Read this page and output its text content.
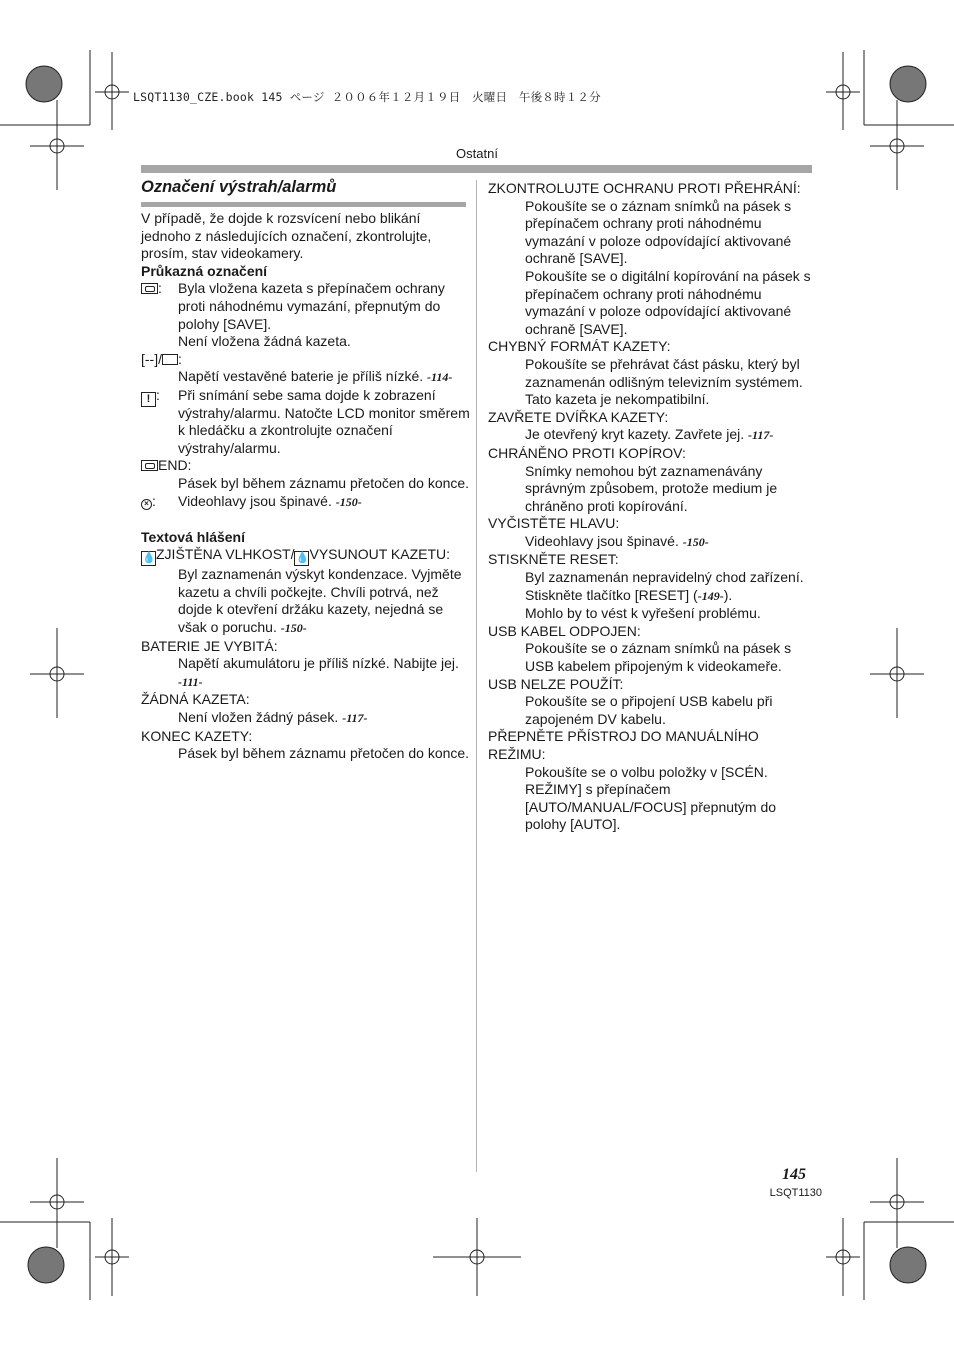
LSQT1130_CZE.book 145 ページ ２００６年１２月１９日　火曜日　午後８時１２分
Ostatní
Označení výstrah/alarmů

V případě, že dojde k rozsvícení nebo blikání jednoho z následujících označení, zkontrolujte, prosím, stav videokamery.

Průkazná označení

: Byla vložena kazeta s přepínačem ochrany proti náhodnému vymazání, přepnutým do polohy [SAVE].

Není vložena žádná kazeta.

[--]/ :

Napětí vestavěné baterie je příliš nízké. -114-

! : Při snímání sebe sama dojde k zobrazení výstrahy/alarmu. Natočte LCD monitor směrem k hledáčku a zkontrolujte označení výstrahy/alarmu.

END:

Pásek byl během záznamu přetočen do konce.

× : Videohlavy jsou špinavé. -150-

Textová hlášení

💧ZJIŠTĚNA VLHKOST/💧VYSUNOUT KAZETU:

Byl zaznamenán výskyt kondenzace. Vyjměte kazetu a chvíli počkejte. Chvíli potrvá, než dojde k otevření držáku kazety, nejedná se však o poruchu. -150-

BATERIE JE VYBITÁ:

Napětí akumulátoru je příliš nízké. Nabijte jej. -111-

ŽÁDNÁ KAZETA:

Není vložen žádný pásek. -117-

KONEC KAZETY:

Pásek byl během záznamu přetočen do konce.

ZKONTROLUJTE OCHRANU PROTI PŘEHRÁNÍ:

Pokoušíte se o záznam snímků na pásek s přepínačem ochrany proti náhodnému vymazání v poloze odpovídající aktivované ochraně [SAVE].

Pokoušíte se o digitální kopírování na pásek s přepínačem ochrany proti náhodnému vymazání v poloze odpovídající aktivované ochraně [SAVE].

CHYBNÝ FORMÁT KAZETY:

Pokoušíte se přehrávat část pásku, který byl zaznamenán odlišným televizním systémem. Tato kazeta je nekompatibilní.

ZAVŘETE DVÍŘKA KAZETY:

Je otevřený kryt kazety. Zavřete jej. -117-

CHRÁNĚNO PROTI KOPÍROV:

Snímky nemohou být zaznamenávány správným způsobem, protože medium je chráněno proti kopírování.

VYČISTĚTE HLAVU:

Videohlavy jsou špinavé. -150-

STISKNĚTE RESET:

Byl zaznamenán nepravidelný chod zařízení. Stiskněte tlačítko [RESET] (-149-).

Mohlo by to vést k vyřešení problému.

USB KABEL ODPOJEN:

Pokoušíte se o záznam snímků na pásek s USB kabelem připojeným k videokameře.

USB NELZE POUŽÍT:

Pokoušíte se o připojení USB kabelu při zapojeném DV kabelu.

PŘEPNĚTE PŘÍSTROJ DO MANUÁLNÍHO REŽIMU:

Pokoušíte se o volbu položky v [SCÉN. REŽIMY] s přepínačem [AUTO/MANUAL/FOCUS] přepnutým do polohy [AUTO].

145
LSQT1130
